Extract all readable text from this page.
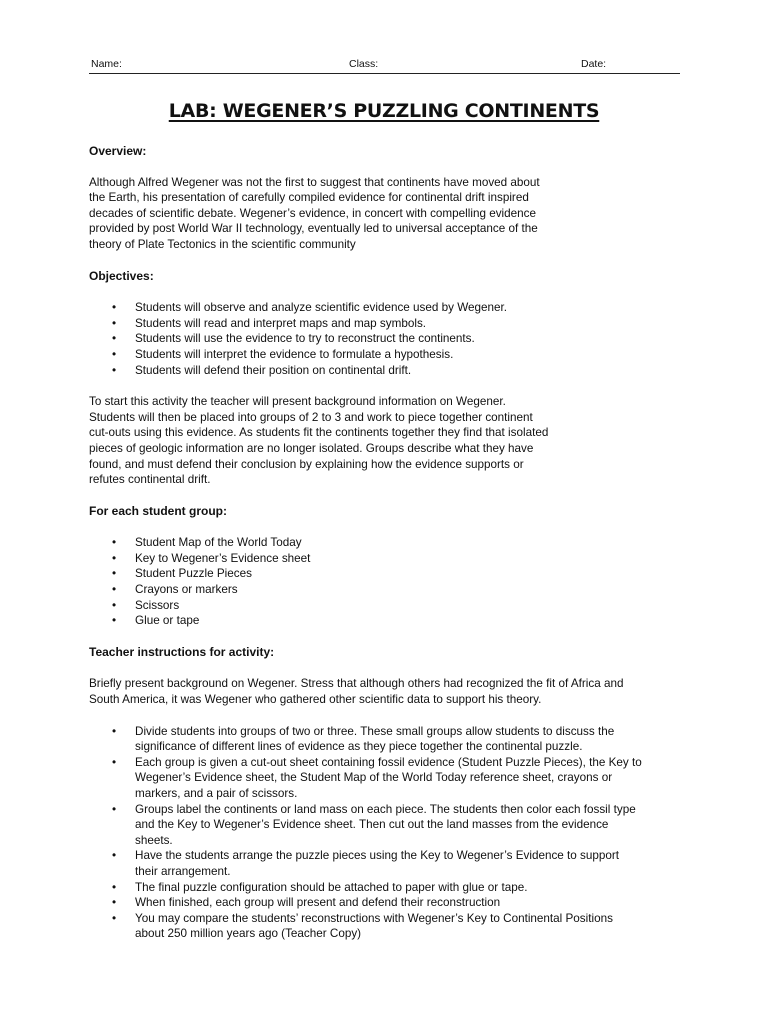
Name:	Class:	Date:
LAB: WEGENER’S PUZZLING CONTINENTS

Overview:

Although Alfred Wegener was not the first to suggest that continents have moved about
the Earth, his presentation of carefully compiled evidence for continental drift inspired
decades of scientific debate. Wegener’s evidence, in concert with compelling evidence
provided by post World War II technology, eventually led to universal acceptance of the
theory of Plate Tectonics in the scientific community

Objectives:

• Students will observe and analyze scientific evidence used by Wegener.
• Students will read and interpret maps and map symbols.
• Students will use the evidence to try to reconstruct the continents.
• Students will interpret the evidence to formulate a hypothesis.
• Students will defend their position on continental drift.
To start this activity the teacher will present background information on Wegener.
Students will then be placed into groups of 2 to 3 and work to piece together continent
cut-outs using this evidence. As students fit the continents together they find that isolated
pieces of geologic information are no longer isolated. Groups describe what they have
found, and must defend their conclusion by explaining how the evidence supports or
refutes continental drift.

For each student group:

• Student Map of the World Today
• Key to Wegener’s Evidence sheet
• Student Puzzle Pieces
• Crayons or markers
• Scissors
• Glue or tape

Teacher instructions for activity:

Briefly present background on Wegener. Stress that although others had recognized the fit of Africa and
South America, it was Wegener who gathered other scientific data to support his theory.
• Divide students into groups of two or three. These small groups allow students to discuss the
significance of different lines of evidence as they piece together the continental puzzle.
• Each group is given a cut-out sheet containing fossil evidence (Student Puzzle Pieces), the Key to
Wegener’s Evidence sheet, the Student Map of the World Today reference sheet, crayons or
markers, and a pair of scissors.
• Groups label the continents or land mass on each piece. The students then color each fossil type
and the Key to Wegener’s Evidence sheet. Then cut out the land masses from the evidence
sheets.
• Have the students arrange the puzzle pieces using the Key to Wegener’s Evidence to support
their arrangement.
• The final puzzle configuration should be attached to paper with glue or tape.
• When finished, each group will present and defend their reconstruction
• You may compare the students’ reconstructions with Wegener’s Key to Continental Positions
about 250 million years ago (Teacher Copy)
